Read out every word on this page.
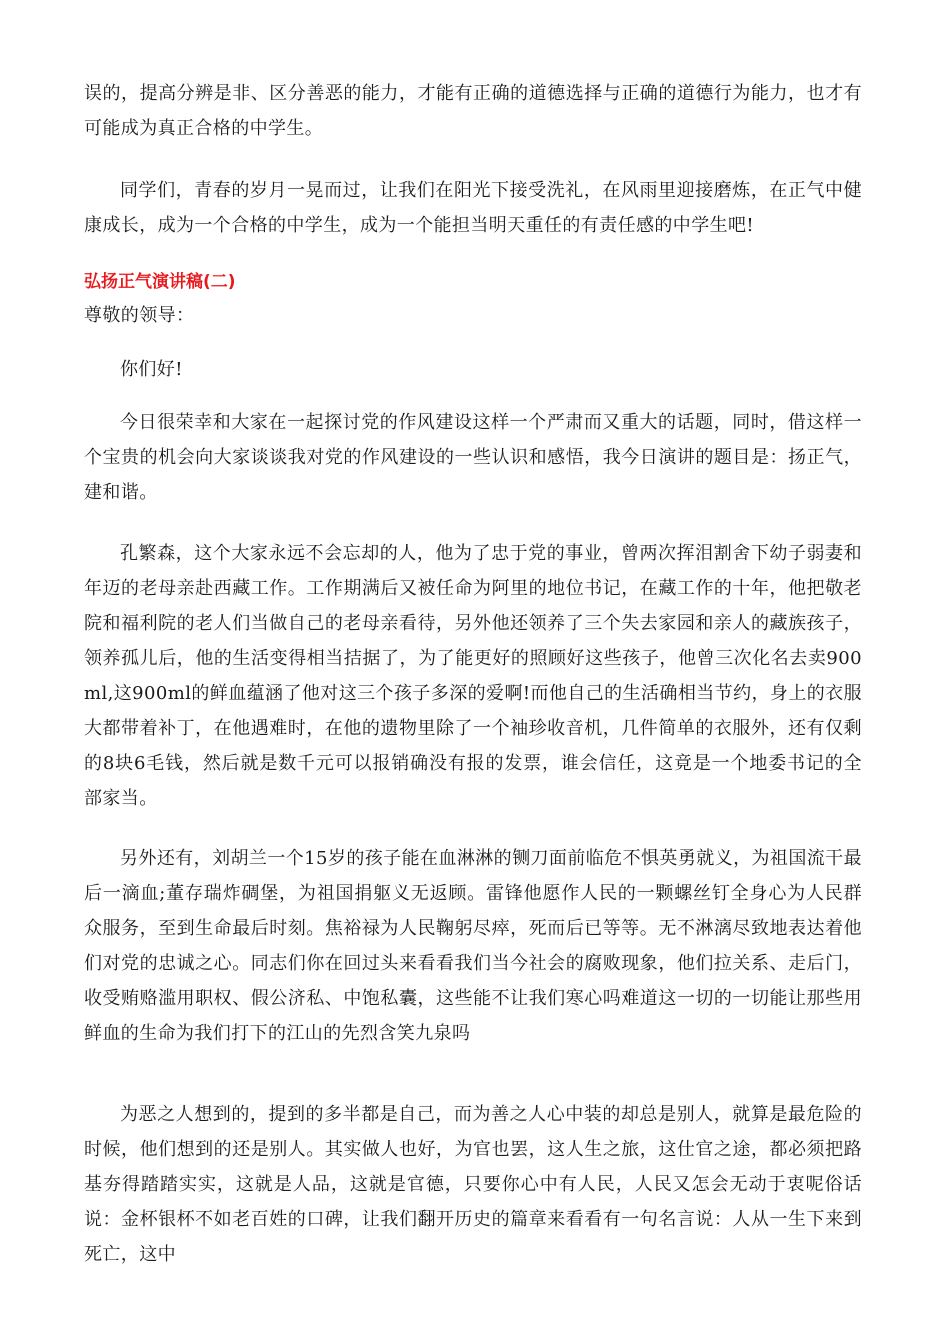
误的，提高分辨是非、区分善恶的能力，才能有正确的道德选择与正确的道德行为能力，也才有可能成为真正合格的中学生。

同学们，青春的岁月一晃而过，让我们在阳光下接受洗礼，在风雨里迎接磨炼，在正气中健康成长，成为一个合格的中学生，成为一个能担当明天重任的有责任感的中学生吧!

弘扬正气演讲稿(二)

尊敬的领导：

你们好!

今日很荣幸和大家在一起探讨党的作风建设这样一个严肃而又重大的话题，同时，借这样一个宝贵的机会向大家谈谈我对党的作风建设的一些认识和感悟，我今日演讲的题目是：扬正气，建和谐。

孔繁森，这个大家永远不会忘却的人，他为了忠于党的事业，曾两次挥泪割舍下幼子弱妻和年迈的老母亲赴西藏工作。工作期满后又被任命为阿里的地位书记，在藏工作的十年，他把敬老院和福利院的老人们当做自己的老母亲看待，另外他还领养了三个失去家园和亲人的藏族孩子，领养孤儿后，他的生活变得相当拮据了，为了能更好的照顾好这些孩子，他曾三次化名去卖900ml,这900ml的鲜血蕴涵了他对这三个孩子多深的爱啊!而他自己的生活确相当节约，身上的衣服大都带着补丁，在他遇难时，在他的遗物里除了一个袖珍收音机，几件简单的衣服外，还有仅剩的8块6毛钱，然后就是数千元可以报销确没有报的发票，谁会信任，这竟是一个地委书记的全部家当。

另外还有，刘胡兰一个15岁的孩子能在血淋淋的铡刀面前临危不惧英勇就义，为祖国流干最后一滴血;董存瑞炸碉堡，为祖国捐躯义无返顾。雷锋他愿作人民的一颗螺丝钉全身心为人民群众服务，至到生命最后时刻。焦裕禄为人民鞠躬尽瘁，死而后已等等。无不淋漓尽致地表达着他们对党的忠诚之心。同志们你在回过头来看看我们当今社会的腐败现象，他们拉关系、走后门，收受贿赂滥用职权、假公济私、中饱私囊，这些能不让我们寒心吗难道这一切的一切能让那些用鲜血的生命为我们打下的江山的先烈含笑九泉吗

为恶之人想到的，提到的多半都是自己，而为善之人心中装的却总是别人，就算是最危险的时候，他们想到的还是别人。其实做人也好，为官也罢，这人生之旅，这仕官之途，都必须把路基夯得踏踏实实，这就是人品，这就是官德，只要你心中有人民，人民又怎会无动于衷呢俗话说：金杯银杯不如老百姓的口碑，让我们翻开历史的篇章来看看有一句名言说：人从一生下来到死亡，这中
